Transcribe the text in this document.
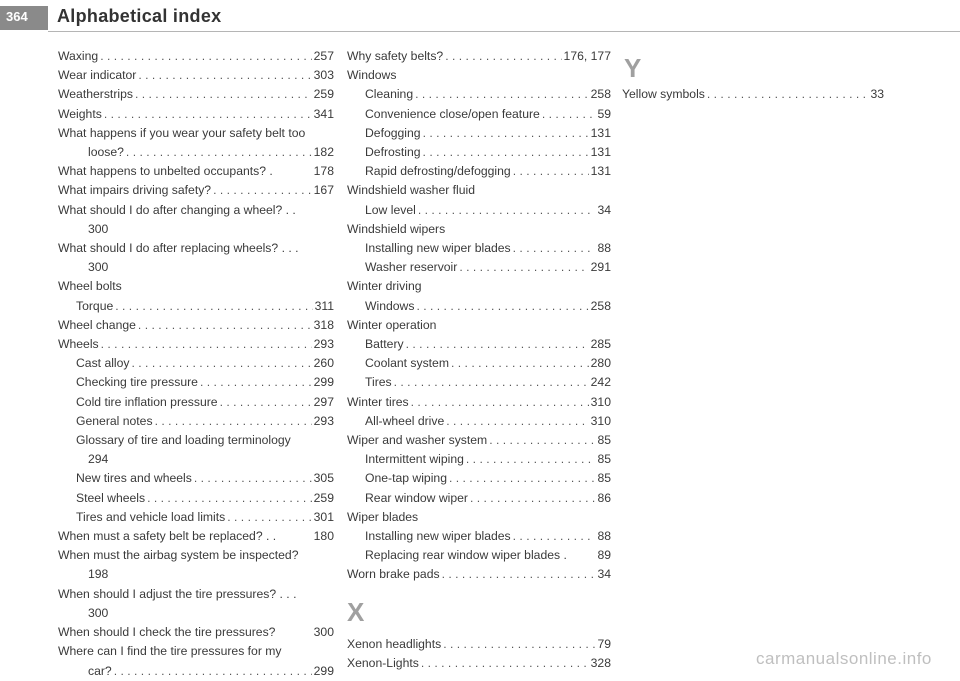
364 Alphabetical index
Waxing . . .	257
Wear indicator . . .	303
Weatherstrips . . .	259
Weights . . .	341
What happens if you wear your safety belt too
loose? . . .	182
What happens to unbelted occupants? .	178
What impairs driving safety? . . .	167
What should I do after changing a wheel? . .
300
What should I do after replacing wheels? . . .
300
Wheel bolts
Torque . . .	311
Wheel change . . .	318
Wheels . . .	293
Cast alloy . . .	260
Checking tire pressure . . .	299
Cold tire inflation pressure . . .	297
General notes . . .	293
Glossary of tire and loading terminology
294
New tires and wheels . . .	305
Steel wheels . . .	259
Tires and vehicle load limits . . .	301
When must a safety belt be replaced? . .	180
When must the airbag system be inspected?
198
When should I adjust the tire pressures? . . .
300
When should I check the tire pressures?	300
Where can I find the tire pressures for my
car? . . .	299
Why safety belts? . . .	176, 177
Windows
Cleaning . . .	258
Convenience close/open feature . . .	59
Defogging . . .	131
Defrosting . . .	131
Rapid defrosting/defogging . . .	131
Windshield washer fluid
Low level . . .	34
Windshield wipers
Installing new wiper blades . . .	88
Washer reservoir . . .	291
Winter driving
Windows . . .	258
Winter operation
Battery . . .	285
Coolant system . . .	280
Tires . . .	242
Winter tires . . .	310
All-wheel drive . . .	310
Wiper and washer system . . .	85
Intermittent wiping . . .	85
One-tap wiping . . .	85
Rear window wiper . . .	86
Wiper blades
Installing new wiper blades . . .	88
Replacing rear window wiper blades .	89
Worn brake pads . . .	34
X
Xenon headlights . . .	79
Xenon-Lights . . .	328
Y
Yellow symbols . . .	33
carmanualsonline.info
